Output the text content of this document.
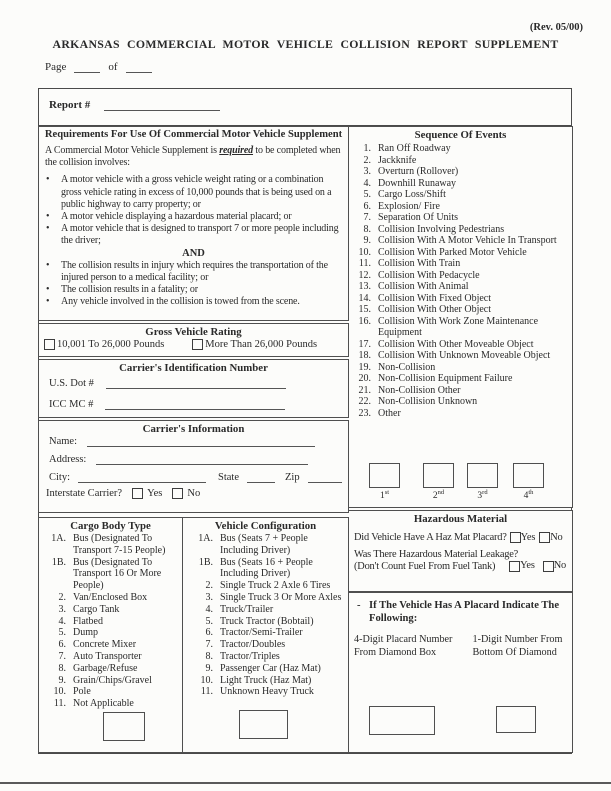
(Rev. 05/00)
ARKANSAS COMMERCIAL MOTOR VEHICLE COLLISION REPORT SUPPLEMENT
Page	of
Report #
Requirements For Use Of Commercial Motor Vehicle Supplement
A Commercial Motor Vehicle Supplement is required to be completed when the collision involves:
•	A motor vehicle with a gross vehicle weight rating or a combination gross vehicle rating in excess of 10,000 pounds that is being used on a public highway to carry property; or
•	A motor vehicle displaying a hazardous material placard; or
•	A motor vehicle that is designed to transport 7 or more people including the driver;
AND
•	The collision results in injury which requires the transportation of the injured person to a medical facility; or
•	The collision results in a fatality; or
•	Any vehicle involved in the collision is towed from the scene.
Gross Vehicle Rating
10,001 To 26,000 Pounds	More Than 26,000 Pounds
Carrier's Identification Number
U.S. Dot #
ICC MC #
Carrier's Information
Name:
Address:
City:	State	Zip
Interstate Carrier? Yes No
Cargo Body Type
1A. Bus (Designated To Transport 7-15 People)
1B. Bus (Designated To Transport 16 Or More People)
2. Van/Enclosed Box
3. Cargo Tank
4. Flatbed
5. Dump
6. Concrete Mixer
7. Auto Transporter
8. Garbage/Refuse
9. Grain/Chips/Gravel
10. Pole
11. Not Applicable
Vehicle Configuration
1A. Bus (Seats 7 + People Including Driver)
1B. Bus (Seats 16 + People Including Driver)
2. Single Truck 2 Axle 6 Tires
3. Single Truck 3 Or More Axles
4. Truck/Trailer
5. Truck Tractor (Bobtail)
6. Tractor/Semi-Trailer
7. Tractor/Doubles
8. Tractor/Triples
9. Passenger Car (Haz Mat)
10. Light Truck (Haz Mat)
11. Unknown Heavy Truck
Sequence Of Events
1. Ran Off Roadway
2. Jackknife
3. Overturn (Rollover)
4. Downhill Runaway
5. Cargo Loss/Shift
6. Explosion/ Fire
7. Separation Of Units
8. Collision Involving Pedestrians
9. Collision With A Motor Vehicle In Transport
10. Collision With Parked Motor Vehicle
11. Collision With Train
12. Collision With Pedacycle
13. Collision With Animal
14. Collision With Fixed Object
15. Collision With Other Object
16. Collision With Work Zone Maintenance Equipment
17. Collision With Other Moveable Object
18. Collision With Unknown Moveable Object
19. Non-Collision
20. Non-Collision Equipment Failure
21. Non-Collision Other
22. Non-Collision Unknown
23. Other
1st	2nd	3rd	4th
Hazardous Material
Did Vehicle Have A Haz Mat Placard? Yes No
Was There Hazardous Material Leakage?
(Don't Count Fuel From Fuel Tank)	Yes No
- If The Vehicle Has A Placard Indicate The Following:
4-Digit Placard Number From Diamond Box
1-Digit Number From Bottom Of Diamond
